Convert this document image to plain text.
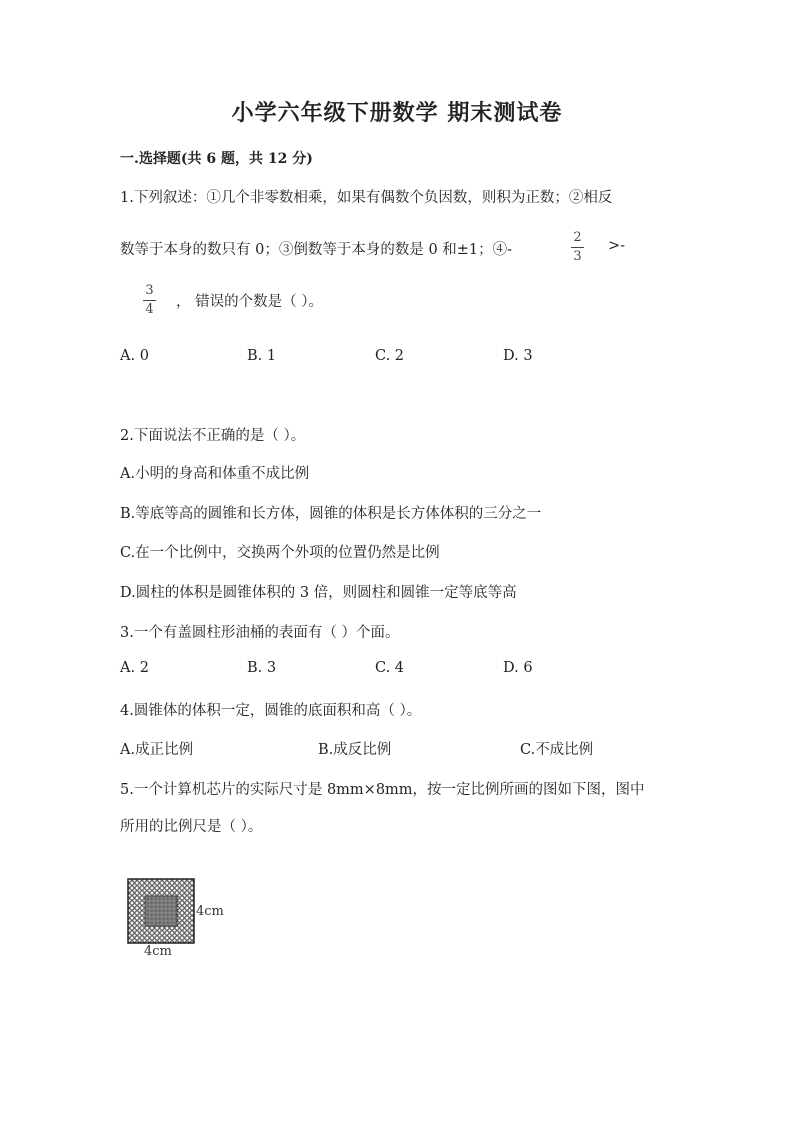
小学六年级下册数学 期末测试卷
一.选择题(共 6 题，共 12 分)
1.下列叙述：①几个非零数相乘，如果有偶数个负因数，则积为正数；②相反
数等于本身的数只有 0；③倒数等于本身的数是 0 和±1；④-
2
3
>-
3
4 ， 错误的个数是（ ）。
A. 0	B. 1	C. 2	D. 3
2.下面说法不正确的是（ ）。
A.小明的身高和体重不成比例
B.等底等高的圆锥和长方体，圆锥的体积是长方体体积的三分之一
C.在一个比例中，交换两个外项的位置仍然是比例
D.圆柱的体积是圆锥体积的 3 倍，则圆柱和圆锥一定等底等高
3.一个有盖圆柱形油桶的表面有（ ）个面。
A. 2	B. 3	C. 4	D. 6
4.圆锥体的体积一定，圆锥的底面积和高（ ）。
A.成正比例	B.成反比例	C.不成比例
5.一个计算机芯片的实际尺寸是 8mm×8mm，按一定比例所画的图如下图，图中
所用的比例尺是（ ）。
4cm
4cm
